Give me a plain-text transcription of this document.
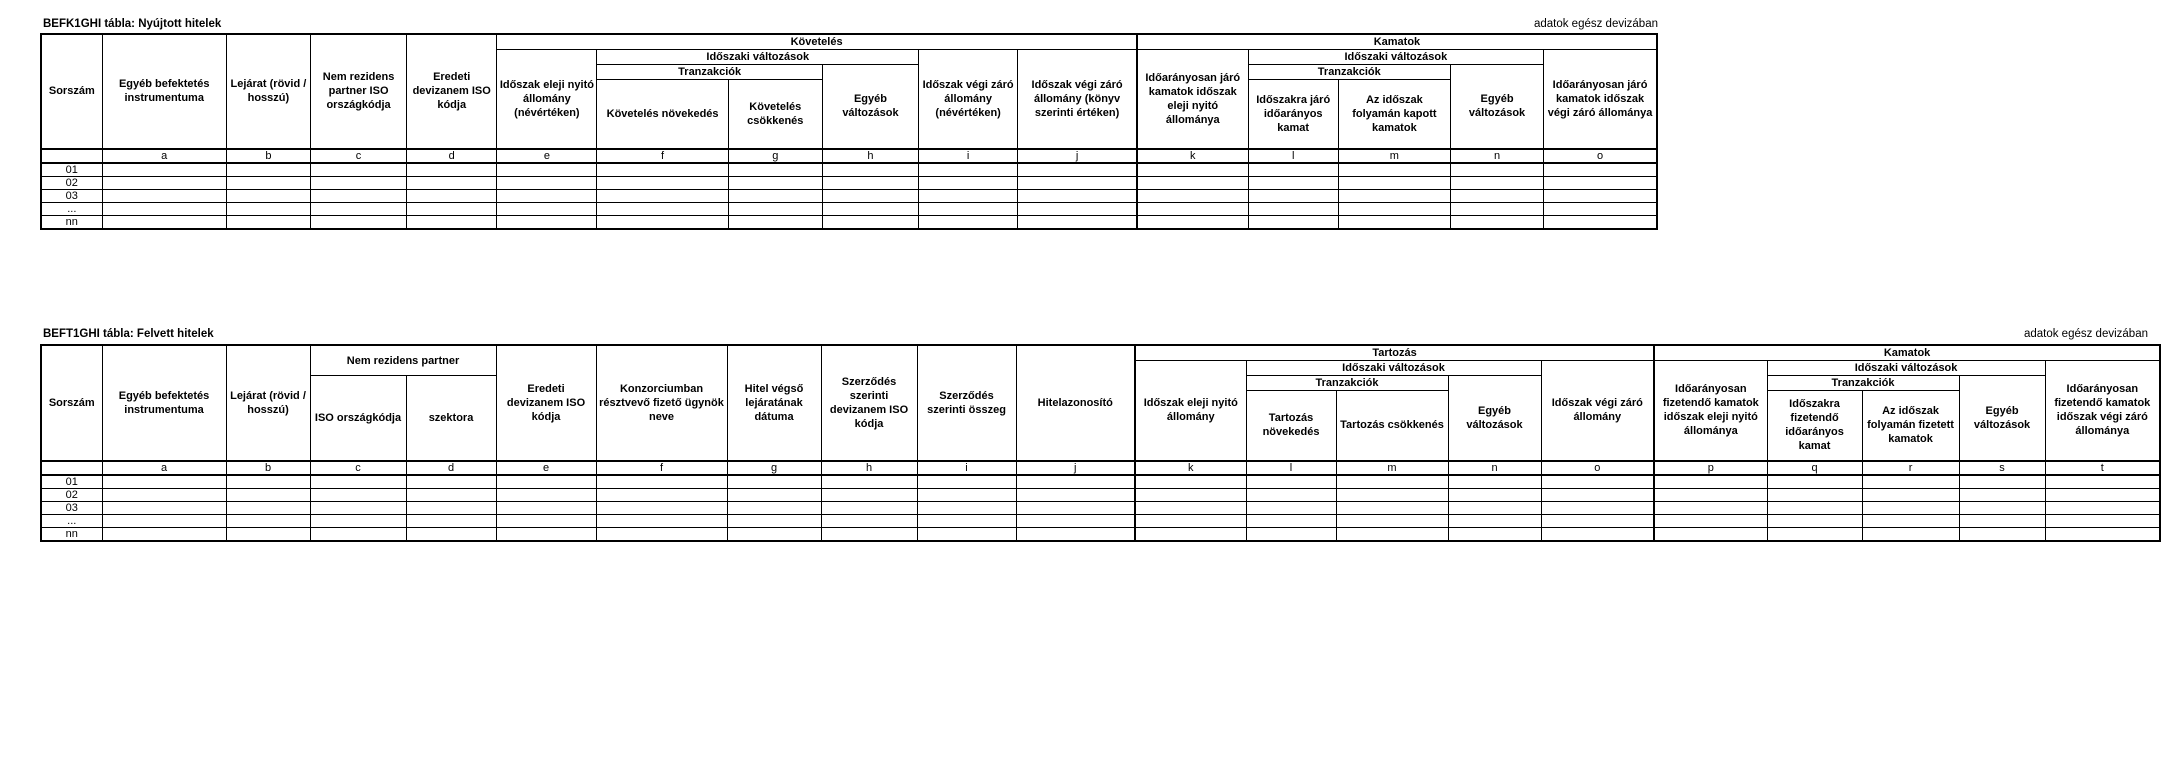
BEFK1GHI tábla: Nyújtott hitelek	adatok egész devizában
Sorszám	Egyéb befektetés instrumentuma	Lejárat (rövid / hosszú)	Nem rezidens partner ISO országkódja	Eredeti devizanem ISO kódja	Követelés						Kamatok				
					Időszak eleji nyitó állomány (névértéken)	Időszaki változások			Időszak végi záró állomány (névértéken)	Időszak végi záró állomány (könyv szerinti értéken)	Időarányosan járó kamatok időszak eleji nyitó állománya	Időszaki változások			Időarányosan járó kamatok időszak végi záró állománya
						Tranzakciók		Egyéb változások				Tranzakciók		Egyéb változások	
						Követelés növekedés	Követelés csökkenés					Időszakra járó időarányos kamat	Az időszak folyamán kapott kamatok		
	a	b	c	d	e	f	g	h	i	j	k	l	m	n	o
01															
02															
03															
...															
nn															
BEFT1GHI tábla: Felvett hitelek	adatok egész devizában
Sorszám	Egyéb befektetés instrumentuma	Lejárat (rövid / hosszú)	Nem rezidens partner		Eredeti devizanem ISO kódja	Konzorciumban résztvevő fizető ügynök neve	Hitel végső lejáratának dátuma	Szerződés szerinti devizanem ISO kódja	Szerződés szerinti összeg	Hitelazonosító	Tartozás					Kamatok				
											Időszak eleji nyitó állomány	Időszaki változások			Időszak végi záró állomány	Időarányosan fizetendő kamatok időszak eleji nyitó állománya	Időszaki változások			Időarányosan fizetendő kamatok időszak végi záró állománya
			ISO országkódja	szektora								Tranzakciók		Egyéb változások			Tranzakciók		Egyéb változások	
												Tartozás növekedés	Tartozás csökkenés				Időszakra fizetendő időarányos kamat	Az időszak folyamán fizetett kamatok		
	a	b	c	d	e	f	g	h	i	j	k	l	m	n	o	p	q	r	s	t
01																				
02																				
03																				
...																				
nn																				
